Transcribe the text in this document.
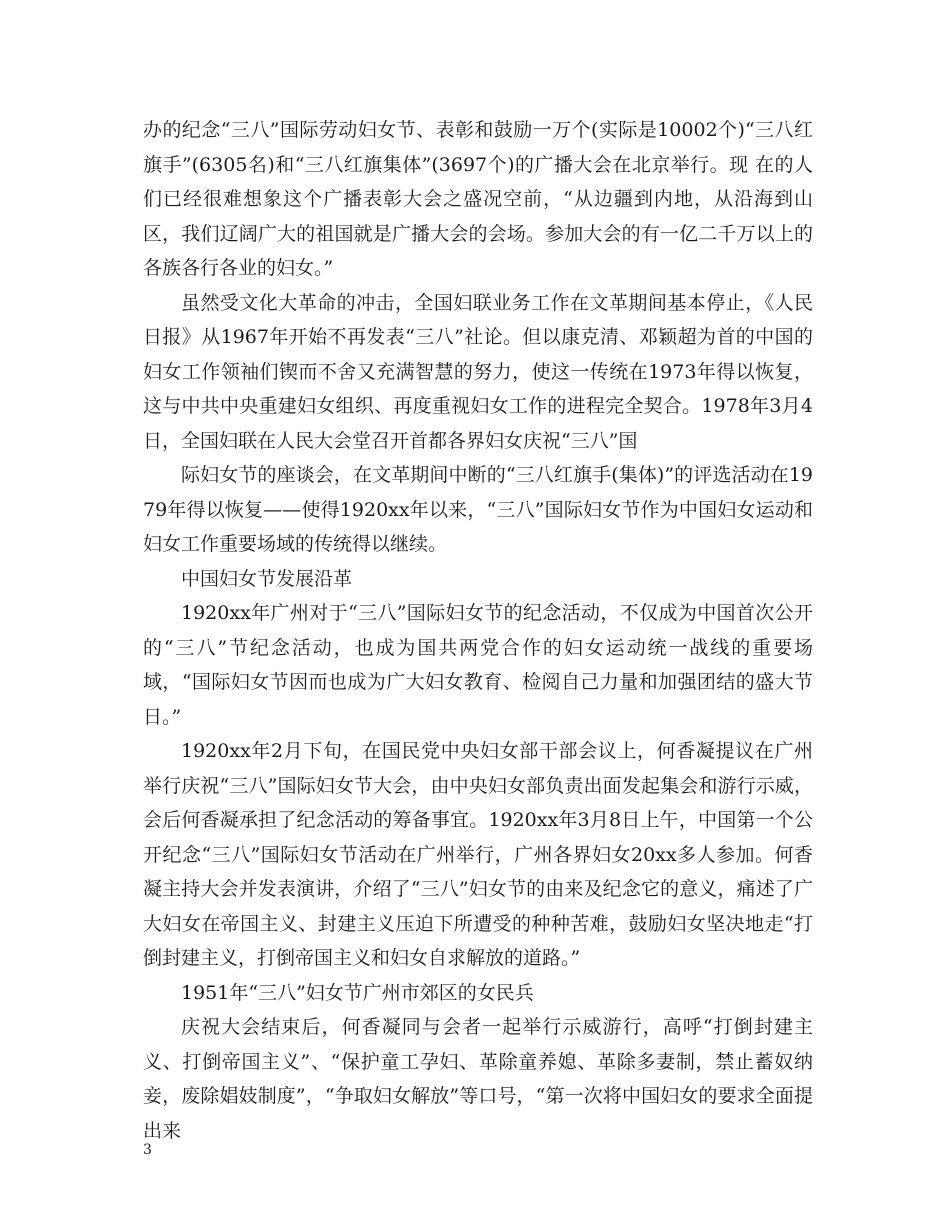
办的纪念“三八”国际劳动妇女节、表彰和鼓励一万个(实际是10002个)“三八红旗手”(6305名)和“三八红旗集体”(3697个)的广播大会在北京举行。现 在的人们已经很难想象这个广播表彰大会之盛况空前，“从边疆到内地，从沿海到山区，我们辽阔广大的祖国就是广播大会的会场。参加大会的有一亿二千万以上的各族各行各业的妇女。”

虽然受文化大革命的冲击，全国妇联业务工作在文革期间基本停止，《人民日报》从1967年开始不再发表“三八”社论。但以康克清、邓颖超为首的中国的妇女工作领袖们锲而不舍又充满智慧的努力，使这一传统在1973年得以恢复，这与中共中央重建妇女组织、再度重视妇女工作的进程完全契合。1978年3月4日，全国妇联在人民大会堂召开首都各界妇女庆祝“三八”国

际妇女节的座谈会，在文革期间中断的“三八红旗手(集体)”的评选活动在1979年得以恢复——使得1920xx年以来，“三八”国际妇女节作为中国妇女运动和妇女工作重要场域的传统得以继续。

中国妇女节发展沿革

1920xx年广州对于“三八”国际妇女节的纪念活动，不仅成为中国首次公开的“三八”节纪念活动，也成为国共两党合作的妇女运动统一战线的重要场域，“国际妇女节因而也成为广大妇女教育、检阅自己力量和加强团结的盛大节日。”

1920xx年2月下旬，在国民党中央妇女部干部会议上，何香凝提议在广州举行庆祝“三八”国际妇女节大会，由中央妇女部负责出面发起集会和游行示威，会后何香凝承担了纪念活动的筹备事宜。1920xx年3月8日上午，中国第一个公开纪念“三八”国际妇女节活动在广州举行，广州各界妇女20xx多人参加。何香凝主持大会并发表演讲，介绍了“三八”妇女节的由来及纪念它的意义，痛述了广大妇女在帝国主义、封建主义压迫下所遭受的种种苦难，鼓励妇女坚决地走“打倒封建主义，打倒帝国主义和妇女自求解放的道路。”

1951年“三八”妇女节广州市郊区的女民兵

庆祝大会结束后，何香凝同与会者一起举行示威游行，高呼“打倒封建主义、打倒帝国主义”、“保护童工孕妇、革除童养媳、革除多妻制，禁止蓄奴纳妾，废除娼妓制度”，“争取妇女解放”等口号，“第一次将中国妇女的要求全面提出来

3
